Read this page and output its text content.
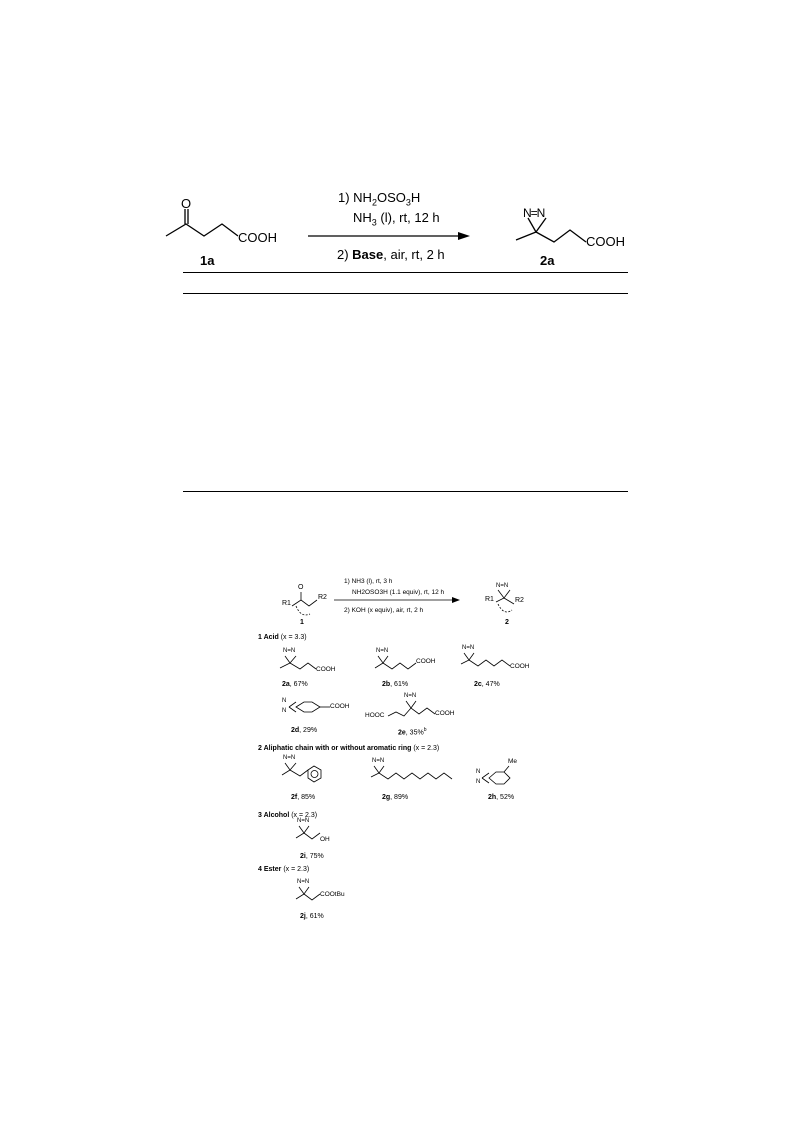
O
COOH
1a
1) $NH_2OSO_3H$
$NH_3$ (l), rt, 12 h
2) Base, air, rt, 2 h
N=N
COOH
2a
1) NH3 (l), rt, 3 h
NH2OSO3H (1.1 equiv), rt, 12 h
2) KOH (x equiv), air, rt, 2 h
O
R1
R2
1
N=N
R1	R2
2
1 Acid (x = 3.3)
2 Aliphatic chain with or without aromatic ring (x = 2.3)
3 Alcohol (x = 2.3)
4 Ester (x = 2.3)
N=N	N=N	N=N
N=N
N=N	N=N
N=N
N=N
N
N
N
N
COOH
COOH
COOH
COOH
HOOC	COOH
Me
OH
COOtBu
2a, 67%	2b, 61%	2c, 47%
2d, 29%	2e, 35%$^b$
2f, 85%	2g, 89%	2h, 52%
2i, 75%
2j, 61%
